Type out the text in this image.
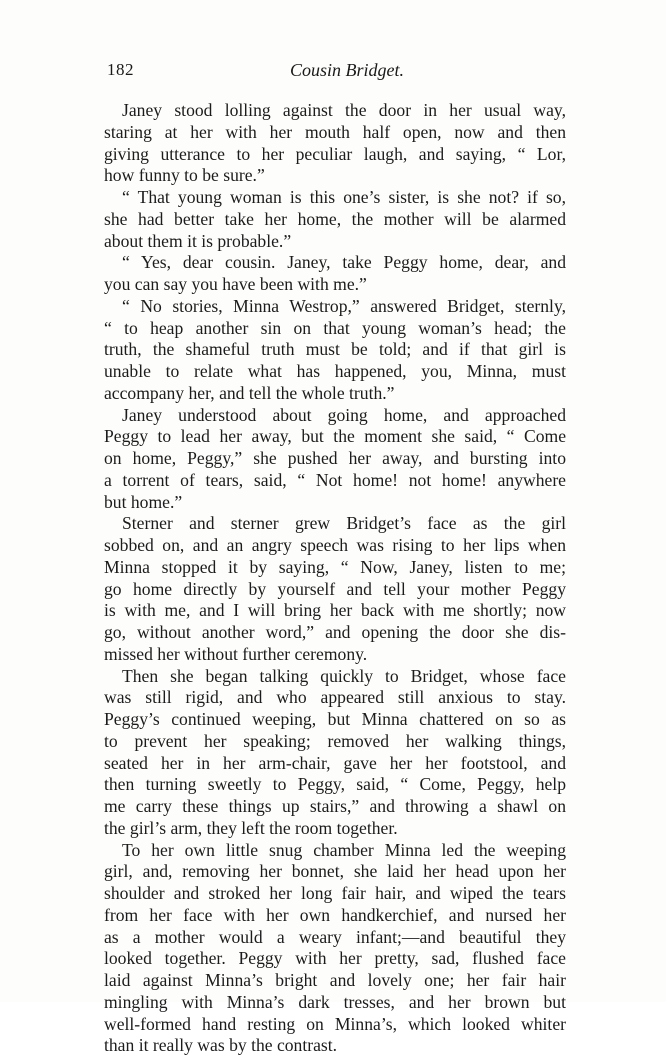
182	Cousin Bridget.
Janey stood lolling against the door in her usual way,
staring at her with her mouth half open, now and then
giving utterance to her peculiar laugh, and saying, “ Lor,
how funny to be sure.”
“ That young woman is this one’s sister, is she not? if so,
she had better take her home, the mother will be alarmed
about them it is probable.”
“ Yes, dear cousin. Janey, take Peggy home, dear, and
you can say you have been with me.”
“ No stories, Minna Westrop,” answered Bridget, sternly,
“ to heap another sin on that young woman’s head; the
truth, the shameful truth must be told; and if that girl is
unable to relate what has happened, you, Minna, must
accompany her, and tell the whole truth.”
Janey understood about going home, and approached
Peggy to lead her away, but the moment she said, “ Come
on home, Peggy,” she pushed her away, and bursting into
a torrent of tears, said, “ Not home! not home! anywhere
but home.”
Sterner and sterner grew Bridget’s face as the girl
sobbed on, and an angry speech was rising to her lips when
Minna stopped it by saying, “ Now, Janey, listen to me;
go home directly by yourself and tell your mother Peggy
is with me, and I will bring her back with me shortly; now
go, without another word,” and opening the door she dis-
missed her without further ceremony.
Then she began talking quickly to Bridget, whose face
was still rigid, and who appeared still anxious to stay.
Peggy’s continued weeping, but Minna chattered on so as
to prevent her speaking; removed her walking things,
seated her in her arm-chair, gave her her footstool, and
then turning sweetly to Peggy, said, “ Come, Peggy, help
me carry these things up stairs,” and throwing a shawl on
the girl’s arm, they left the room together.
To her own little snug chamber Minna led the weeping
girl, and, removing her bonnet, she laid her head upon her
shoulder and stroked her long fair hair, and wiped the tears
from her face with her own handkerchief, and nursed her
as a mother would a weary infant;—and beautiful they
looked together. Peggy with her pretty, sad, flushed face
laid against Minna’s bright and lovely one; her fair hair
mingling with Minna’s dark tresses, and her brown but
well-formed hand resting on Minna’s, which looked whiter
than it really was by the contrast.
